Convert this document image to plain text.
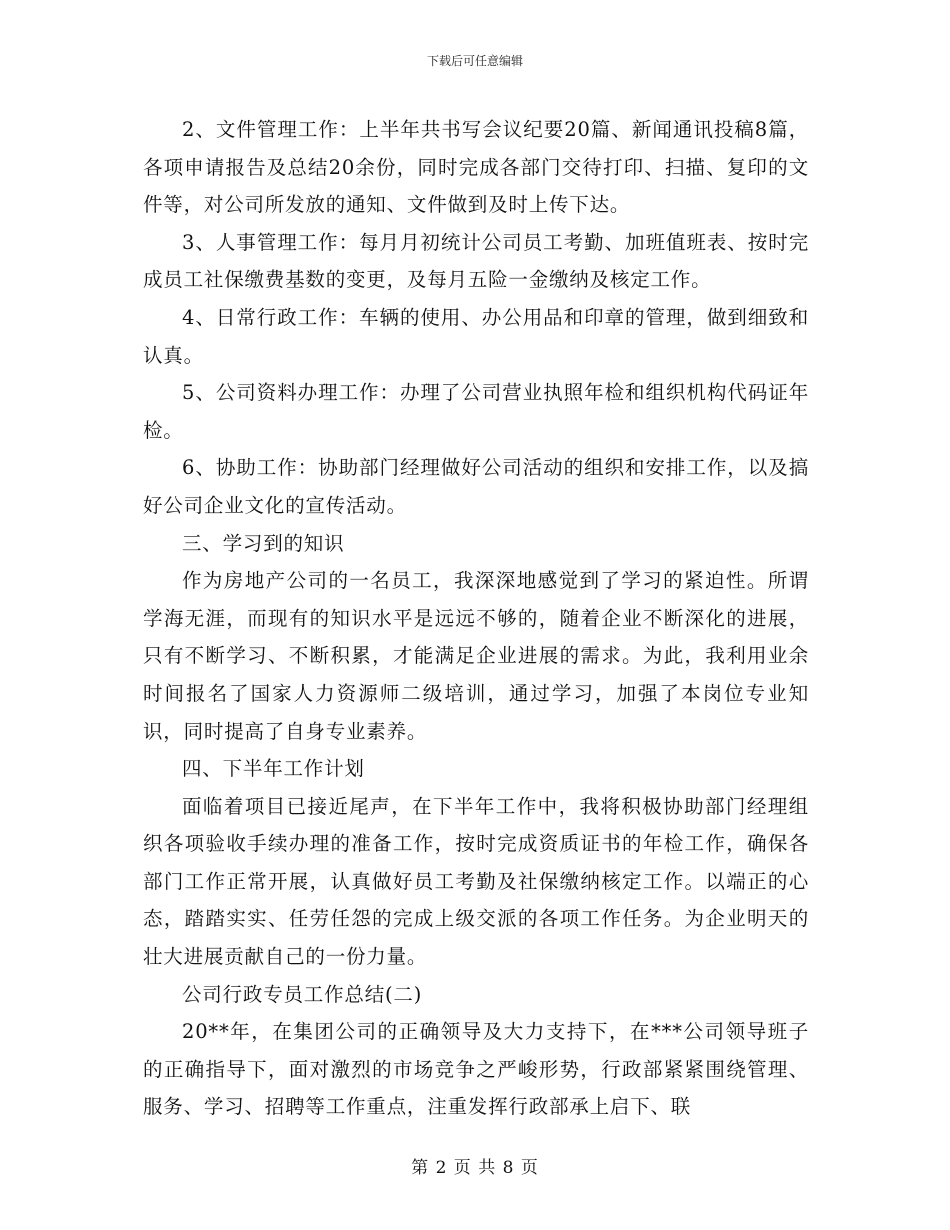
下载后可任意编辑

2、文件管理工作：上半年共书写会议纪要20篇、新闻通讯投稿8篇，各项申请报告及总结20余份，同时完成各部门交待打印、扫描、复印的文件等，对公司所发放的通知、文件做到及时上传下达。

3、人事管理工作：每月月初统计公司员工考勤、加班值班表、按时完成员工社保缴费基数的变更，及每月五险一金缴纳及核定工作。

4、日常行政工作：车辆的使用、办公用品和印章的管理，做到细致和认真。

5、公司资料办理工作：办理了公司营业执照年检和组织机构代码证年检。

6、协助工作：协助部门经理做好公司活动的组织和安排工作，以及搞好公司企业文化的宣传活动。

三、学习到的知识

作为房地产公司的一名员工，我深深地感觉到了学习的紧迫性。所谓学海无涯，而现有的知识水平是远远不够的，随着企业不断深化的进展，只有不断学习、不断积累，才能满足企业进展的需求。为此，我利用业余时间报名了国家人力资源师二级培训，通过学习，加强了本岗位专业知识，同时提高了自身专业素养。

四、下半年工作计划

面临着项目已接近尾声，在下半年工作中，我将积极协助部门经理组织各项验收手续办理的准备工作，按时完成资质证书的年检工作，确保各部门工作正常开展，认真做好员工考勤及社保缴纳核定工作。以端正的心态，踏踏实实、任劳任怨的完成上级交派的各项工作任务。为企业明天的壮大进展贡献自己的一份力量。

公司行政专员工作总结(二)

20**年，在集团公司的正确领导及大力支持下，在***公司领导班子的正确指导下，面对激烈的市场竞争之严峻形势，行政部紧紧围绕管理、服务、学习、招聘等工作重点，注重发挥行政部承上启下、联

第 2 页 共 8 页
